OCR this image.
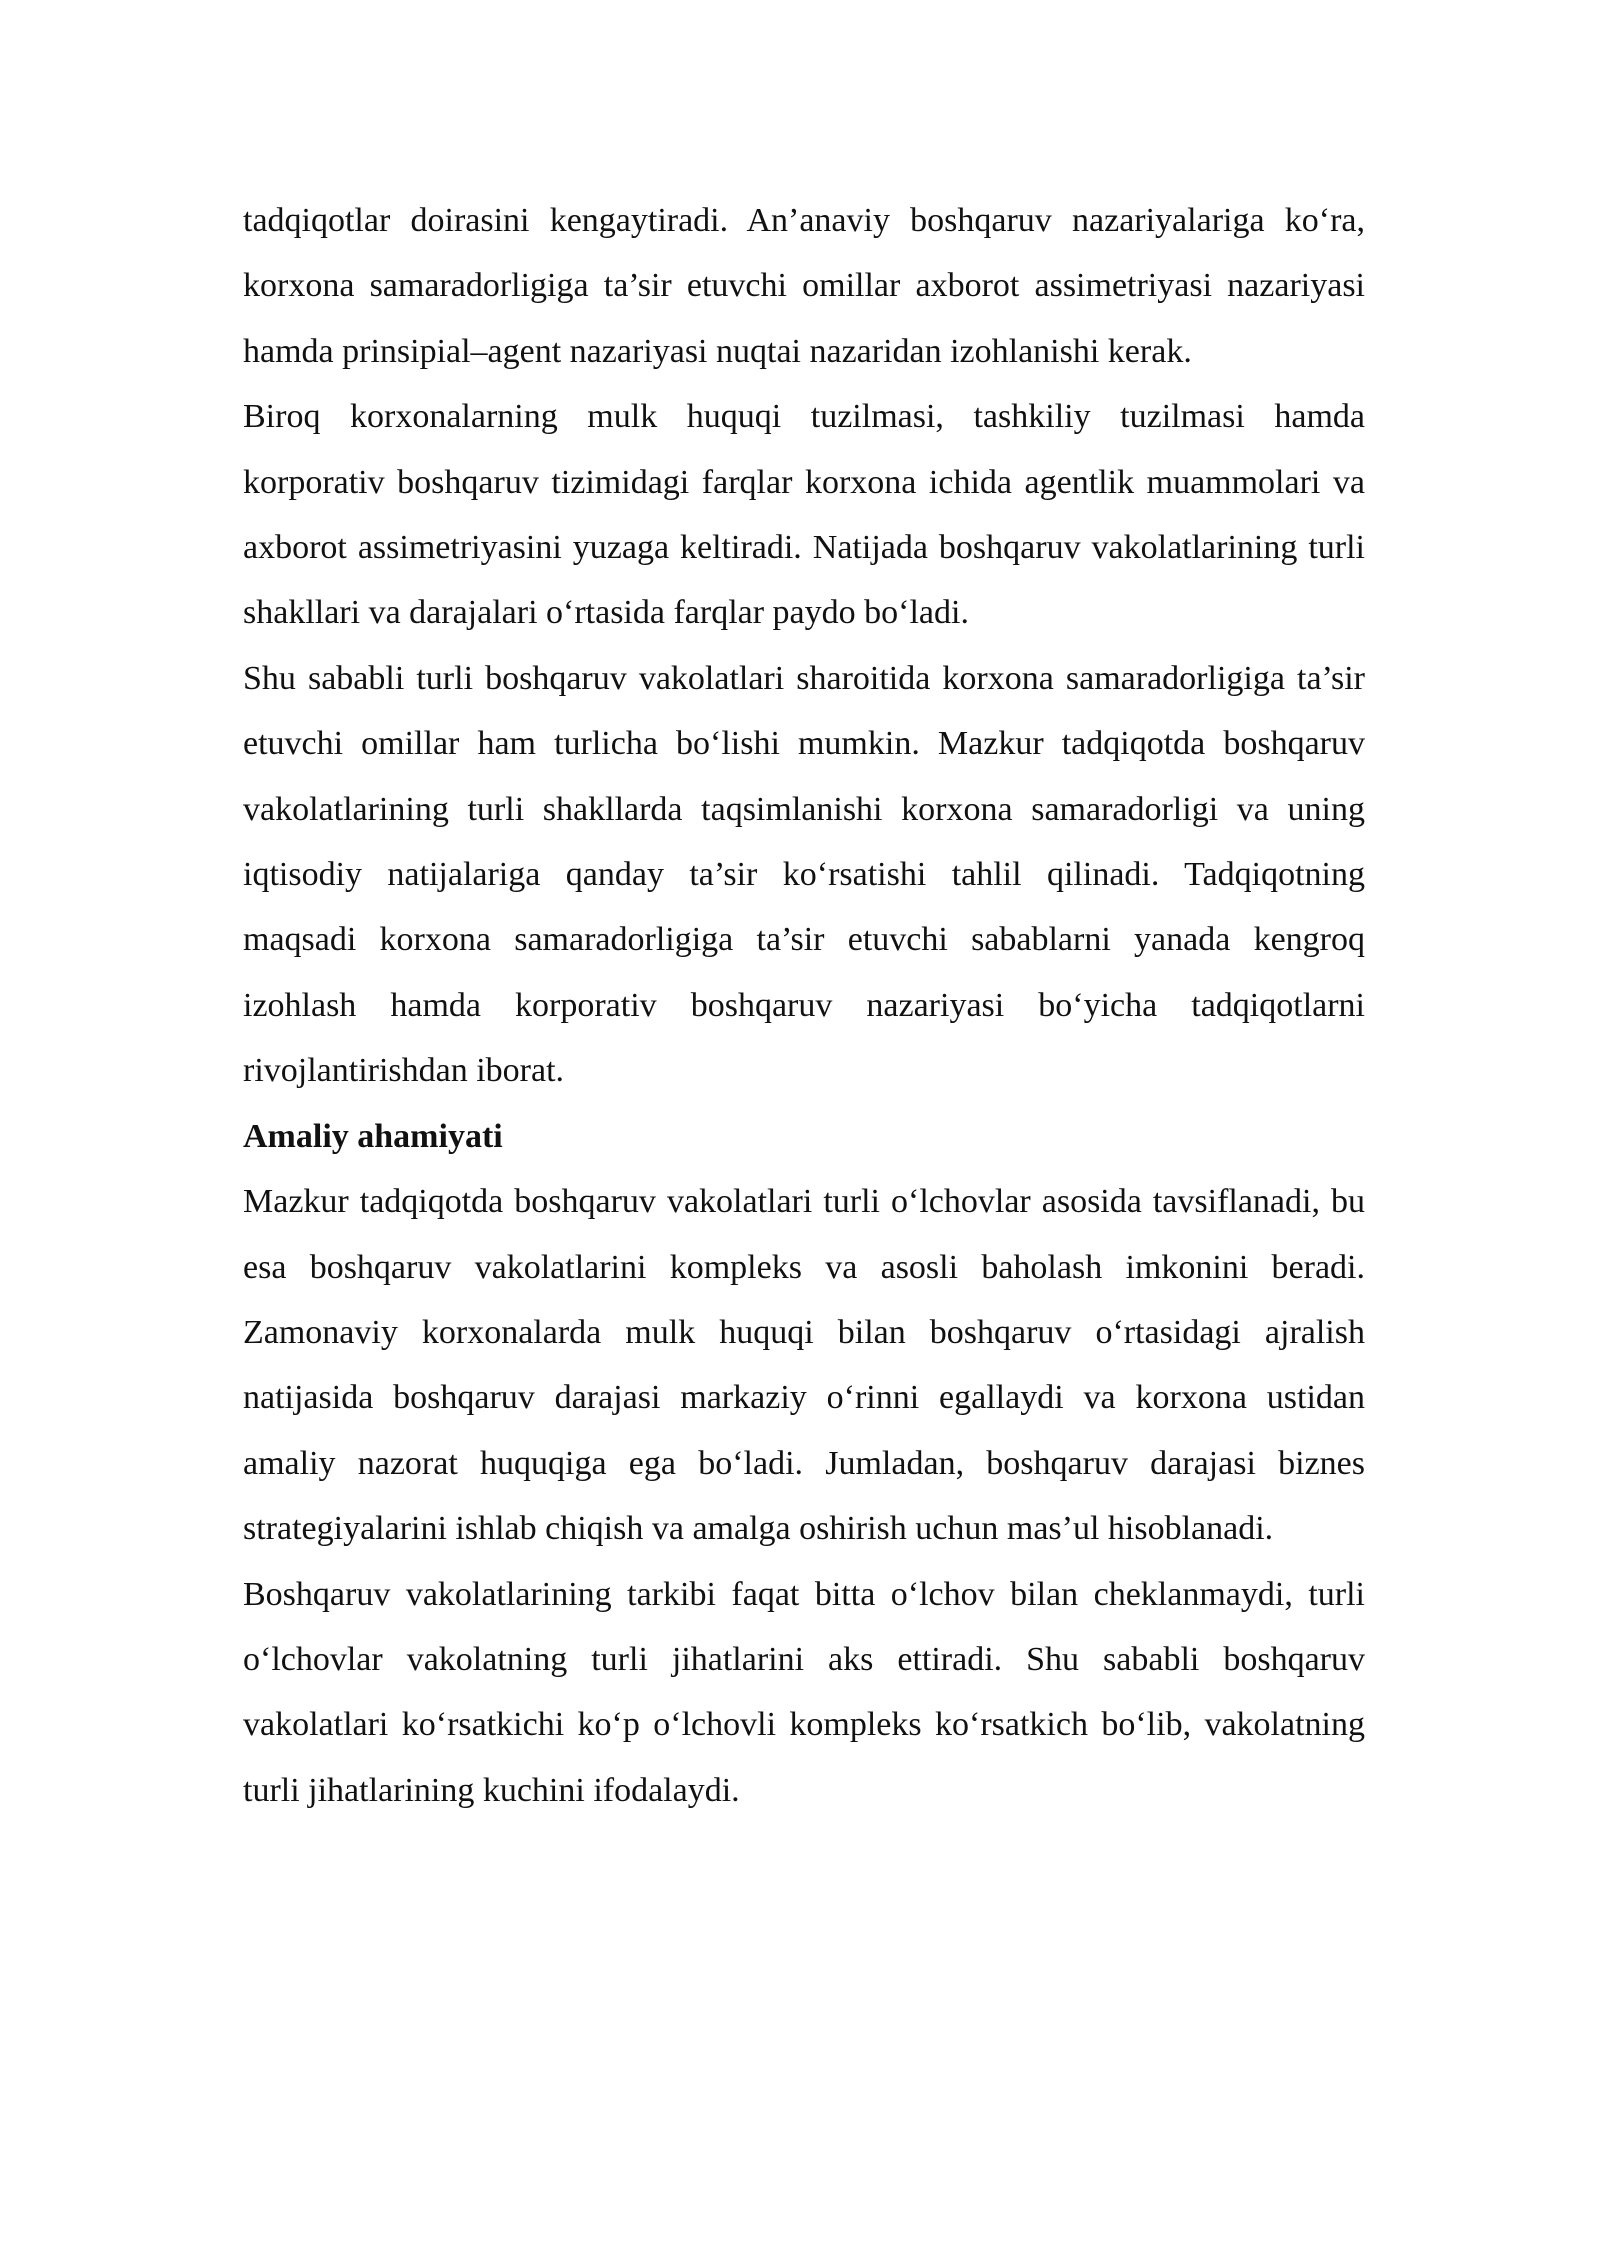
tadqiqotlar doirasini kengaytiradi. An’anaviy boshqaruv nazariyalariga ko‘ra, korxona samaradorligiga ta’sir etuvchi omillar axborot assimetriyasi nazariyasi hamda prinsipial–agent nazariyasi nuqtai nazaridan izohlanishi kerak.

Biroq korxonalarning mulk huquqi tuzilmasi, tashkiliy tuzilmasi hamda korporativ boshqaruv tizimidagi farqlar korxona ichida agentlik muammolari va axborot assimetriyasini yuzaga keltiradi. Natijada boshqaruv vakolatlarining turli shakllari va darajalari o‘rtasida farqlar paydo bo‘ladi.

Shu sababli turli boshqaruv vakolatlari sharoitida korxona samaradorligiga ta’sir etuvchi omillar ham turlicha bo‘lishi mumkin. Mazkur tadqiqotda boshqaruv vakolatlarining turli shakllarda taqsimlanishi korxona samaradorligi va uning iqtisodiy natijalariga qanday ta’sir ko‘rsatishi tahlil qilinadi. Tadqiqotning maqsadi korxona samaradorligiga ta’sir etuvchi sabablarni yanada kengroq izohlash hamda korporativ boshqaruv nazariyasi bo‘yicha tadqiqotlarni rivojlantirishdan iborat.

Amaliy ahamiyati

Mazkur tadqiqotda boshqaruv vakolatlari turli o‘lchovlar asosida tavsiflanadi, bu esa boshqaruv vakolatlarini kompleks va asosli baholash imkonini beradi. Zamonaviy korxonalarda mulk huquqi bilan boshqaruv o‘rtasidagi ajralish natijasida boshqaruv darajasi markaziy o‘rinni egallaydi va korxona ustidan amaliy nazorat huquqiga ega bo‘ladi. Jumladan, boshqaruv darajasi biznes strategiyalarini ishlab chiqish va amalga oshirish uchun mas’ul hisoblanadi.

Boshqaruv vakolatlarining tarkibi faqat bitta o‘lchov bilan cheklanmaydi, turli o‘lchovlar vakolatning turli jihatlarini aks ettiradi. Shu sababli boshqaruv vakolatlari ko‘rsatkichi ko‘p o‘lchovli kompleks ko‘rsatkich bo‘lib, vakolatning turli jihatlarining kuchini ifodalaydi.
